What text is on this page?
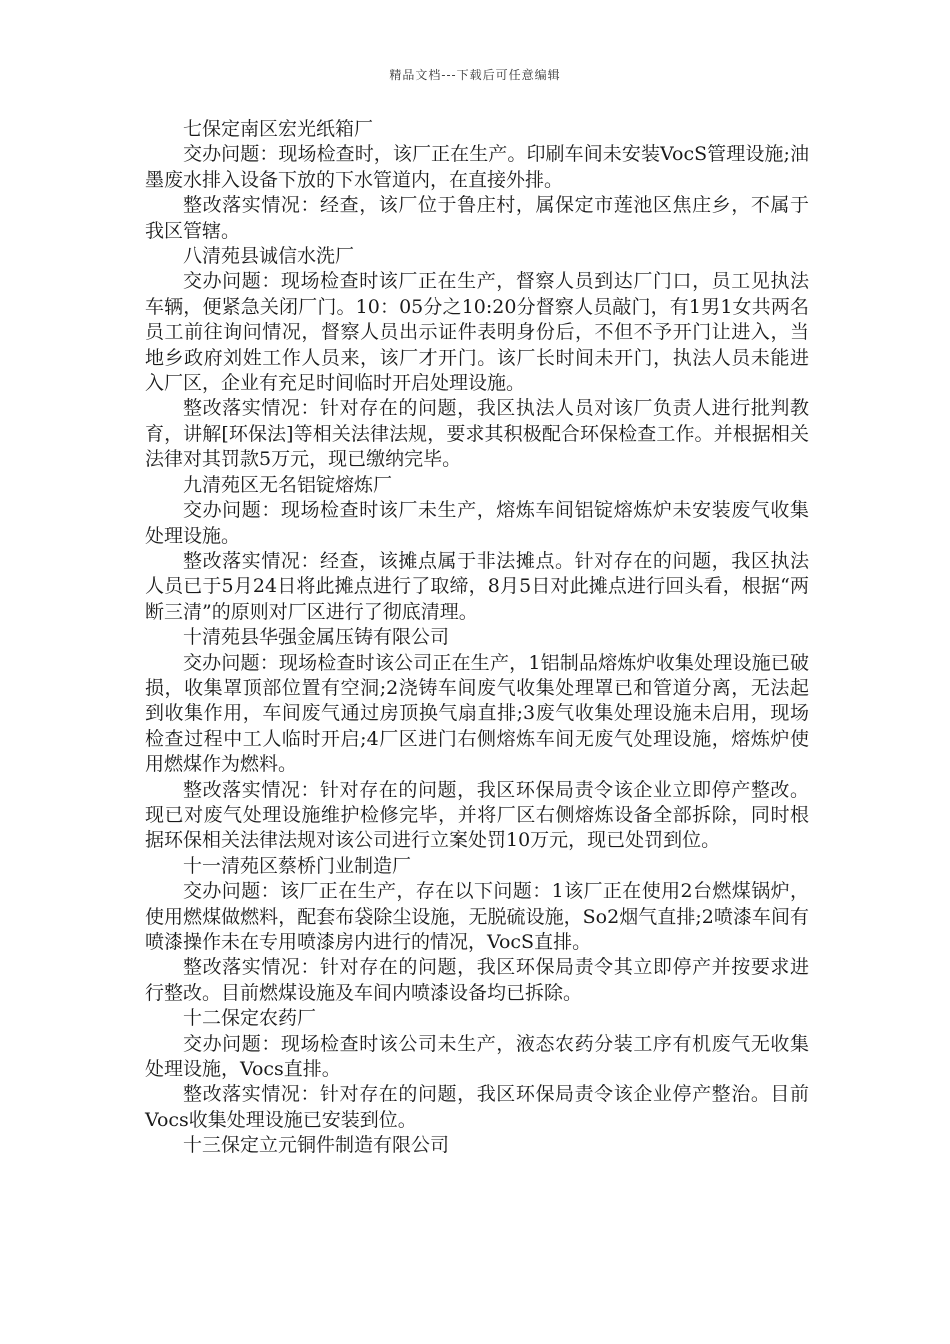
精品文档---下载后可任意编辑

七保定南区宏光纸箱厂

交办问题：现场检查时，该厂正在生产。印刷车间未安装VocS管理设施;油墨废水排入设备下放的下水管道内，在直接外排。

整改落实情况：经查，该厂位于鲁庄村，属保定市莲池区焦庄乡，不属于我区管辖。

八清苑县诚信水洗厂

交办问题：现场检查时该厂正在生产，督察人员到达厂门口，员工见执法车辆，便紧急关闭厂门。10：05分之10:20分督察人员敲门，有1男1女共两名员工前往询问情况，督察人员出示证件表明身份后，不但不予开门让进入，当地乡政府刘姓工作人员来，该厂才开门。该厂长时间未开门，执法人员未能进入厂区，企业有充足时间临时开启处理设施。

整改落实情况：针对存在的问题，我区执法人员对该厂负责人进行批判教育，讲解[环保法]等相关法律法规，要求其积极配合环保检查工作。并根据相关法律对其罚款5万元，现已缴纳完毕。

九清苑区无名铝锭熔炼厂

交办问题：现场检查时该厂未生产，熔炼车间铝锭熔炼炉未安装废气收集处理设施。

整改落实情况：经查，该摊点属于非法摊点。针对存在的问题，我区执法人员已于5月24日将此摊点进行了取缔，8月5日对此摊点进行回头看，根据“两断三清”的原则对厂区进行了彻底清理。

十清苑县华强金属压铸有限公司

交办问题：现场检查时该公司正在生产，1铝制品熔炼炉收集处理设施已破损，收集罩顶部位置有空洞;2浇铸车间废气收集处理罩已和管道分离，无法起到收集作用，车间废气通过房顶换气扇直排;3废气收集处理设施未启用，现场检查过程中工人临时开启;4厂区进门右侧熔炼车间无废气处理设施，熔炼炉使用燃煤作为燃料。

整改落实情况：针对存在的问题，我区环保局责令该企业立即停产整改。现已对废气处理设施维护检修完毕，并将厂区右侧熔炼设备全部拆除，同时根据环保相关法律法规对该公司进行立案处罚10万元，现已处罚到位。

十一清苑区蔡桥门业制造厂

交办问题：该厂正在生产，存在以下问题：1该厂正在使用2台燃煤锅炉，使用燃煤做燃料，配套布袋除尘设施，无脱硫设施，So2烟气直排;2喷漆车间有喷漆操作未在专用喷漆房内进行的情况，VocS直排。

整改落实情况：针对存在的问题，我区环保局责令其立即停产并按要求进行整改。目前燃煤设施及车间内喷漆设备均已拆除。

十二保定农药厂

交办问题：现场检查时该公司未生产，液态农药分装工序有机废气无收集处理设施，Vocs直排。

整改落实情况：针对存在的问题，我区环保局责令该企业停产整治。目前Vocs收集处理设施已安装到位。

十三保定立元铜件制造有限公司
